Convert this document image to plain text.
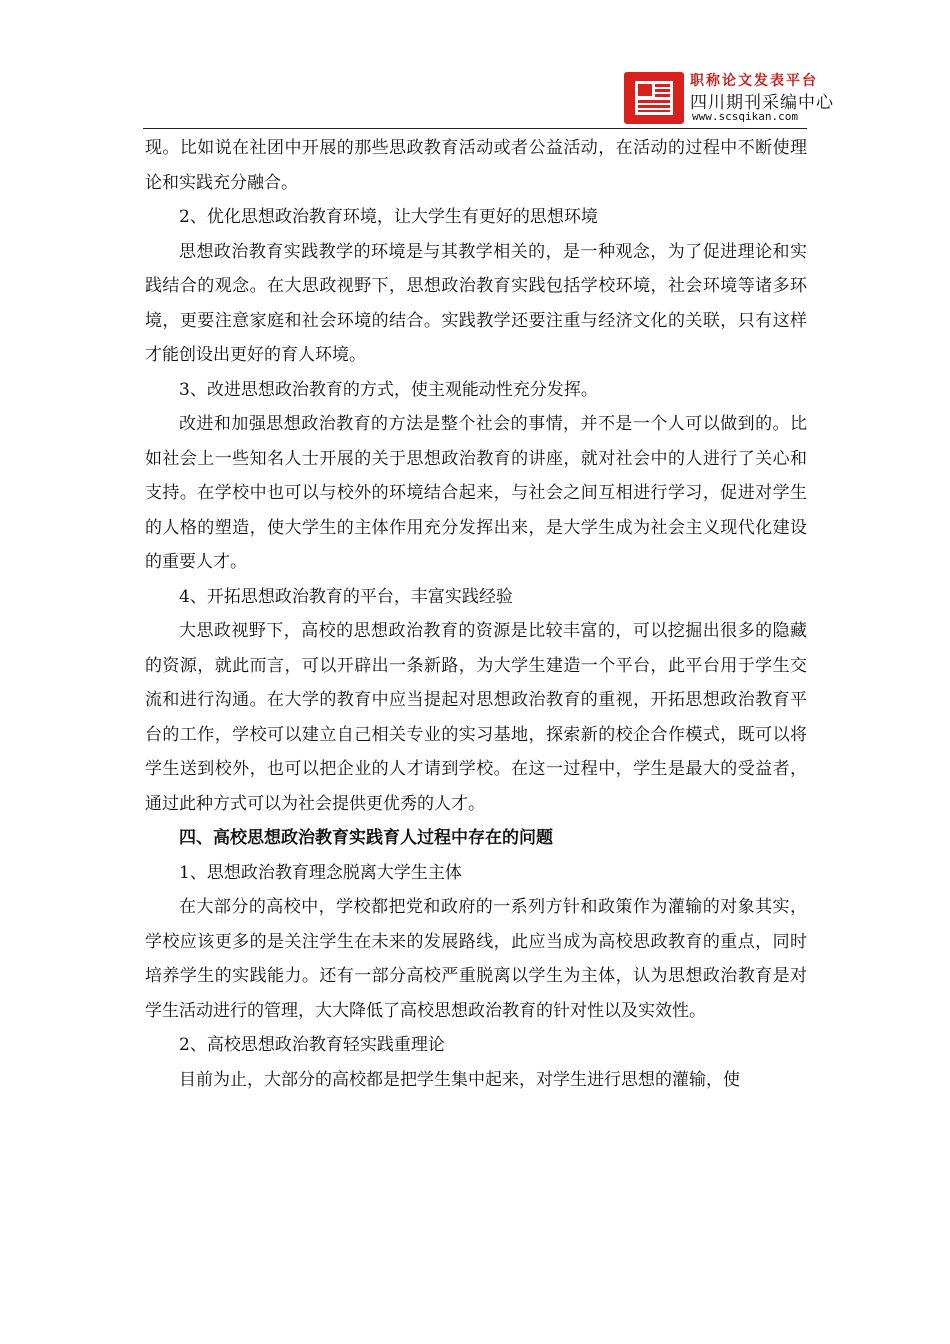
职称论文发表平台
四川期刊采编中心
www.scsqikan.com

现。比如说在社团中开展的那些思政教育活动或者公益活动，在活动的过程中不断使理论和实践充分融合。

2、优化思想政治教育环境，让大学生有更好的思想环境

思想政治教育实践教学的环境是与其教学相关的，是一种观念，为了促进理论和实践结合的观念。在大思政视野下，思想政治教育实践包括学校环境，社会环境等诸多环境，更要注意家庭和社会环境的结合。实践教学还要注重与经济文化的关联，只有这样才能创设出更好的育人环境。

3、改进思想政治教育的方式，使主观能动性充分发挥。

改进和加强思想政治教育的方法是整个社会的事情，并不是一个人可以做到的。比如社会上一些知名人士开展的关于思想政治教育的讲座，就对社会中的人进行了关心和支持。在学校中也可以与校外的环境结合起来，与社会之间互相进行学习，促进对学生的人格的塑造，使大学生的主体作用充分发挥出来，是大学生成为社会主义现代化建设的重要人才。

4、开拓思想政治教育的平台，丰富实践经验

大思政视野下，高校的思想政治教育的资源是比较丰富的，可以挖掘出很多的隐藏的资源，就此而言，可以开辟出一条新路，为大学生建造一个平台，此平台用于学生交流和进行沟通。在大学的教育中应当提起对思想政治教育的重视，开拓思想政治教育平台的工作，学校可以建立自己相关专业的实习基地，探索新的校企合作模式，既可以将学生送到校外，也可以把企业的人才请到学校。在这一过程中，学生是最大的受益者，通过此种方式可以为社会提供更优秀的人才。

四、高校思想政治教育实践育人过程中存在的问题

1、思想政治教育理念脱离大学生主体

在大部分的高校中，学校都把党和政府的一系列方针和政策作为灌输的对象其实，学校应该更多的是关注学生在未来的发展路线，此应当成为高校思政教育的重点，同时培养学生的实践能力。还有一部分高校严重脱离以学生为主体，认为思想政治教育是对学生活动进行的管理，大大降低了高校思想政治教育的针对性以及实效性。

2、高校思想政治教育轻实践重理论

目前为止，大部分的高校都是把学生集中起来，对学生进行思想的灌输，使
